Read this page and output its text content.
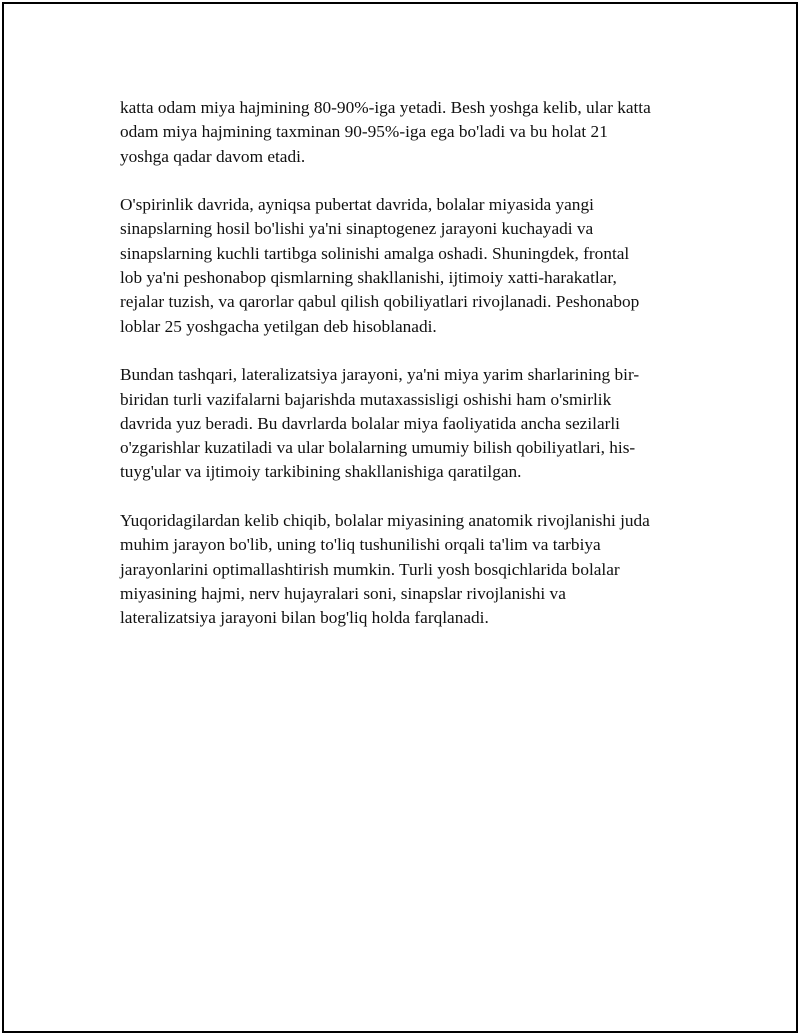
katta odam miya hajmining 80-90%-iga yetadi. Besh yoshga kelib, ular katta
odam miya hajmining taxminan 90-95%-iga ega bo'ladi va bu holat 21
yoshga qadar davom etadi.

O'spirinlik davrida, ayniqsa pubertat davrida, bolalar miyasida yangi
sinapslarning hosil bo'lishi ya'ni sinaptogenez jarayoni kuchayadi va
sinapslarning kuchli tartibga solinishi amalga oshadi. Shuningdek, frontal
lob ya'ni peshonabop qismlarning shakllanishi, ijtimoiy xatti-harakatlar,
rejalar tuzish, va qarorlar qabul qilish qobiliyatlari rivojlanadi. Peshonabop
loblar 25 yoshgacha yetilgan deb hisoblanadi.

Bundan tashqari, lateralizatsiya jarayoni, ya'ni miya yarim sharlarining bir-
biridan turli vazifalarni bajarishda mutaxassisligi oshishi ham o'smirlik
davrida yuz beradi. Bu davrlarda bolalar miya faoliyatida ancha sezilarli
o'zgarishlar kuzatiladi va ular bolalarning umumiy bilish qobiliyatlari, his-
tuyg'ular va ijtimoiy tarkibining shakllanishiga qaratilgan.

Yuqoridagilardan kelib chiqib, bolalar miyasining anatomik rivojlanishi juda
muhim jarayon bo'lib, uning to'liq tushunilishi orqali ta'lim va tarbiya
jarayonlarini optimallashtirish mumkin. Turli yosh bosqichlarida bolalar
miyasining hajmi, nerv hujayralari soni, sinapslar rivojlanishi va
lateralizatsiya jarayoni bilan bog'liq holda farqlanadi.
